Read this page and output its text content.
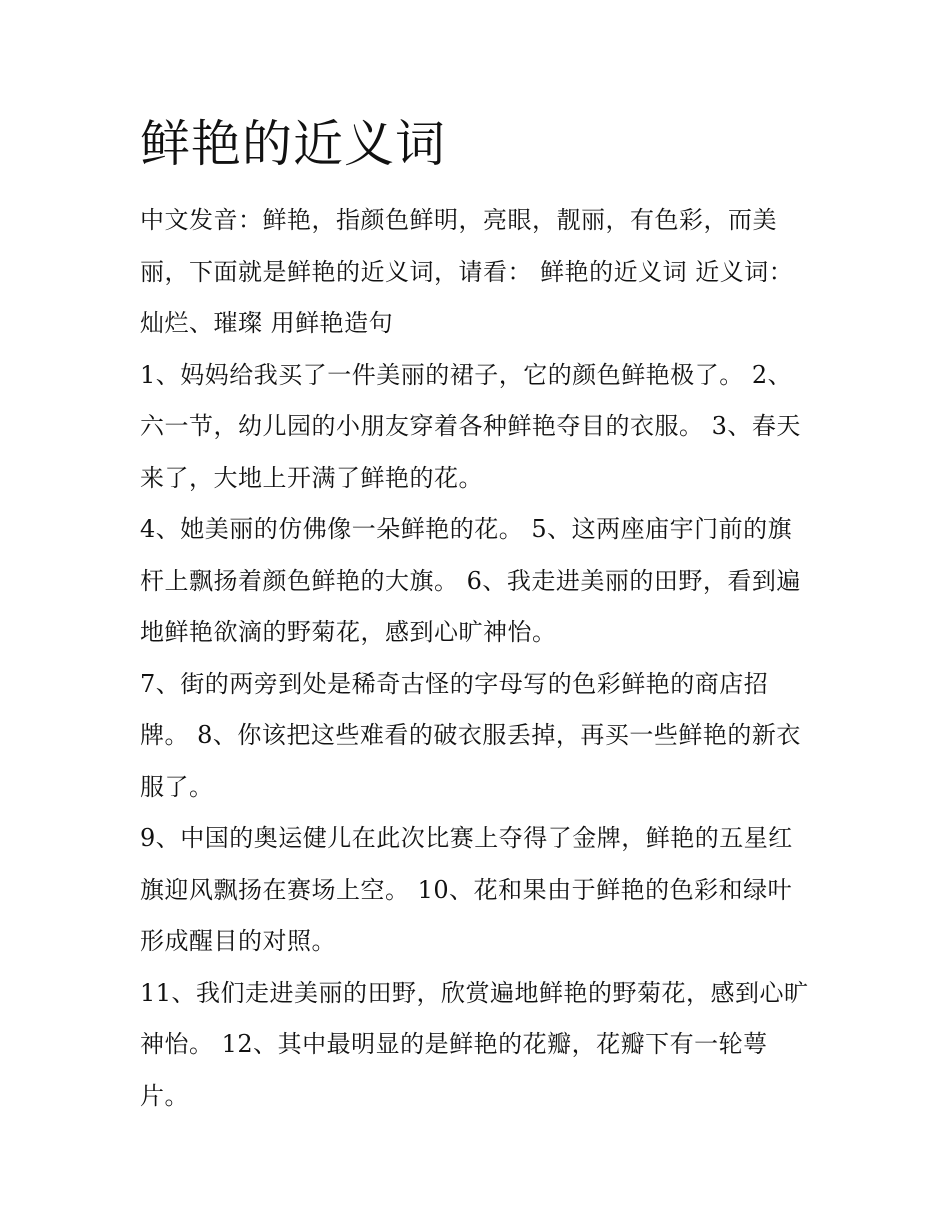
鲜艳的近义词

中文发音：鲜艳，指颜色鲜明，亮眼，靓丽，有色彩，而美
丽，下面就是鲜艳的近义词，请看： 鲜艳的近义词 近义词：
灿烂、璀璨 用鲜艳造句

1、妈妈给我买了一件美丽的裙子，它的颜色鲜艳极了。 2、
六一节，幼儿园的小朋友穿着各种鲜艳夺目的衣服。 3、春天
来了，大地上开满了鲜艳的花。

4、她美丽的仿佛像一朵鲜艳的花。 5、这两座庙宇门前的旗
杆上飘扬着颜色鲜艳的大旗。 6、我走进美丽的田野，看到遍
地鲜艳欲滴的野菊花，感到心旷神怡。

7、街的两旁到处是稀奇古怪的字母写的色彩鲜艳的商店招
牌。 8、你该把这些难看的破衣服丢掉，再买一些鲜艳的新衣
服了。

9、中国的奥运健儿在此次比赛上夺得了金牌，鲜艳的五星红
旗迎风飘扬在赛场上空。 10、花和果由于鲜艳的色彩和绿叶
形成醒目的对照。

11、我们走进美丽的田野，欣赏遍地鲜艳的野菊花，感到心旷
神怡。 12、其中最明显的是鲜艳的花瓣，花瓣下有一轮萼
片。
